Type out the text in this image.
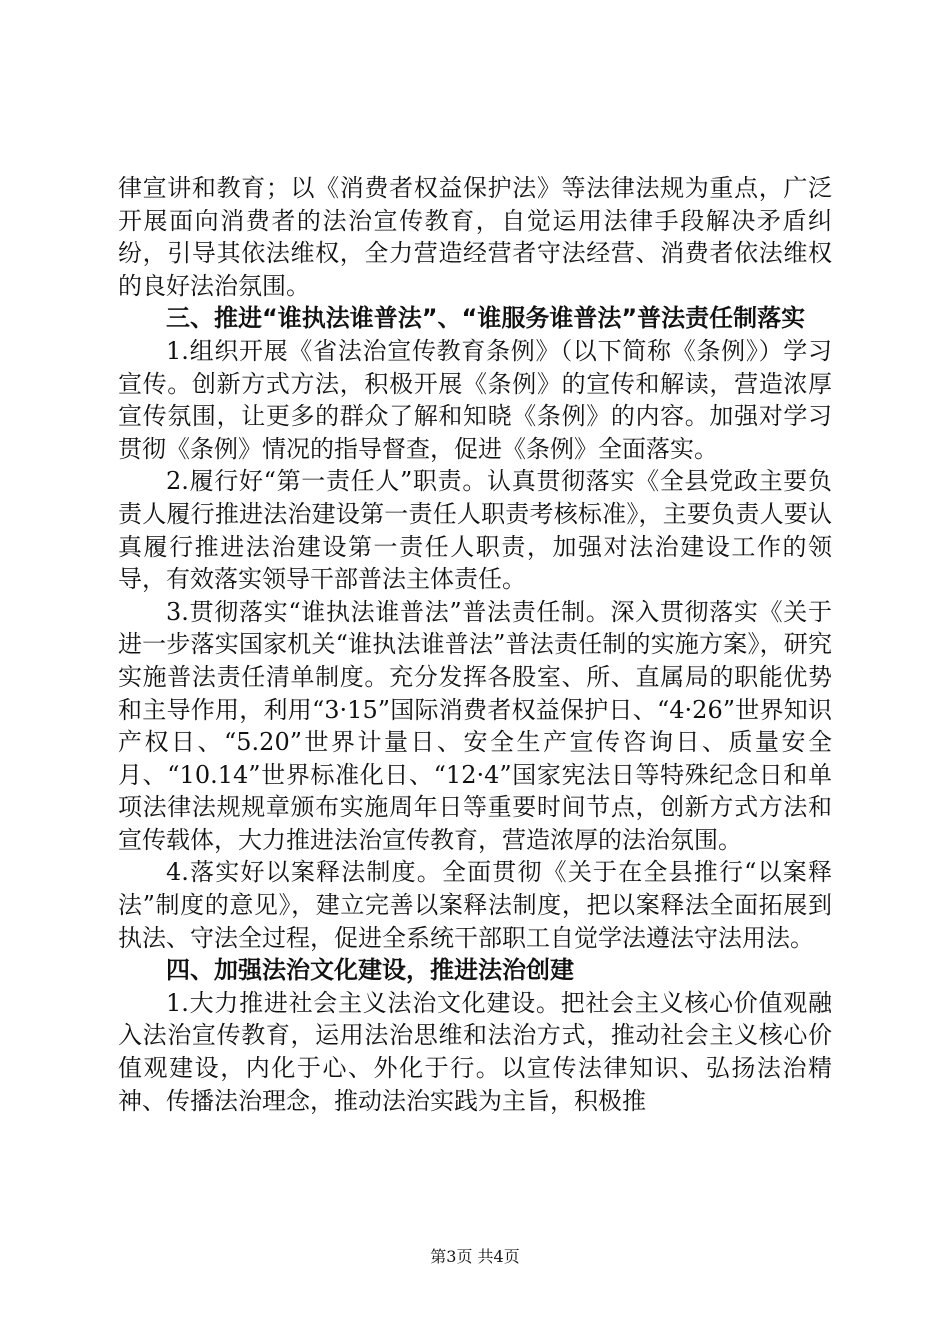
律宣讲和教育；以《消费者权益保护法》等法律法规为重点，广泛开展面向消费者的法治宣传教育，自觉运用法律手段解决矛盾纠纷，引导其依法维权，全力营造经营者守法经营、消费者依法维权的良好法治氛围。

三、推进“谁执法谁普法”、“谁服务谁普法”普法责任制落实

1.组织开展《省法治宣传教育条例》（以下简称《条例》）学习宣传。创新方式方法，积极开展《条例》的宣传和解读，营造浓厚宣传氛围，让更多的群众了解和知晓《条例》的内容。加强对学习贯彻《条例》情况的指导督查，促进《条例》全面落实。

2.履行好“第一责任人”职责。认真贯彻落实《全县党政主要负责人履行推进法治建设第一责任人职责考核标准》，主要负责人要认真履行推进法治建设第一责任人职责，加强对法治建设工作的领导，有效落实领导干部普法主体责任。

3.贯彻落实“谁执法谁普法”普法责任制。深入贯彻落实《关于进一步落实国家机关“谁执法谁普法”普法责任制的实施方案》，研究实施普法责任清单制度。充分发挥各股室、所、直属局的职能优势和主导作用，利用“3·15”国际消费者权益保护日、“4·26”世界知识产权日、“5.20”世界计量日、安全生产宣传咨询日、质量安全月、“10.14”世界标准化日、“12·4”国家宪法日等特殊纪念日和单项法律法规规章颁布实施周年日等重要时间节点，创新方式方法和宣传载体，大力推进法治宣传教育，营造浓厚的法治氛围。

4.落实好以案释法制度。全面贯彻《关于在全县推行“以案释法”制度的意见》，建立完善以案释法制度，把以案释法全面拓展到执法、守法全过程，促进全系统干部职工自觉学法遵法守法用法。

四、加强法治文化建设，推进法治创建

1.大力推进社会主义法治文化建设。把社会主义核心价值观融入法治宣传教育，运用法治思维和法治方式，推动社会主义核心价值观建设，内化于心、外化于行。以宣传法律知识、弘扬法治精神、传播法治理念，推动法治实践为主旨，积极推

第3页 共4页
